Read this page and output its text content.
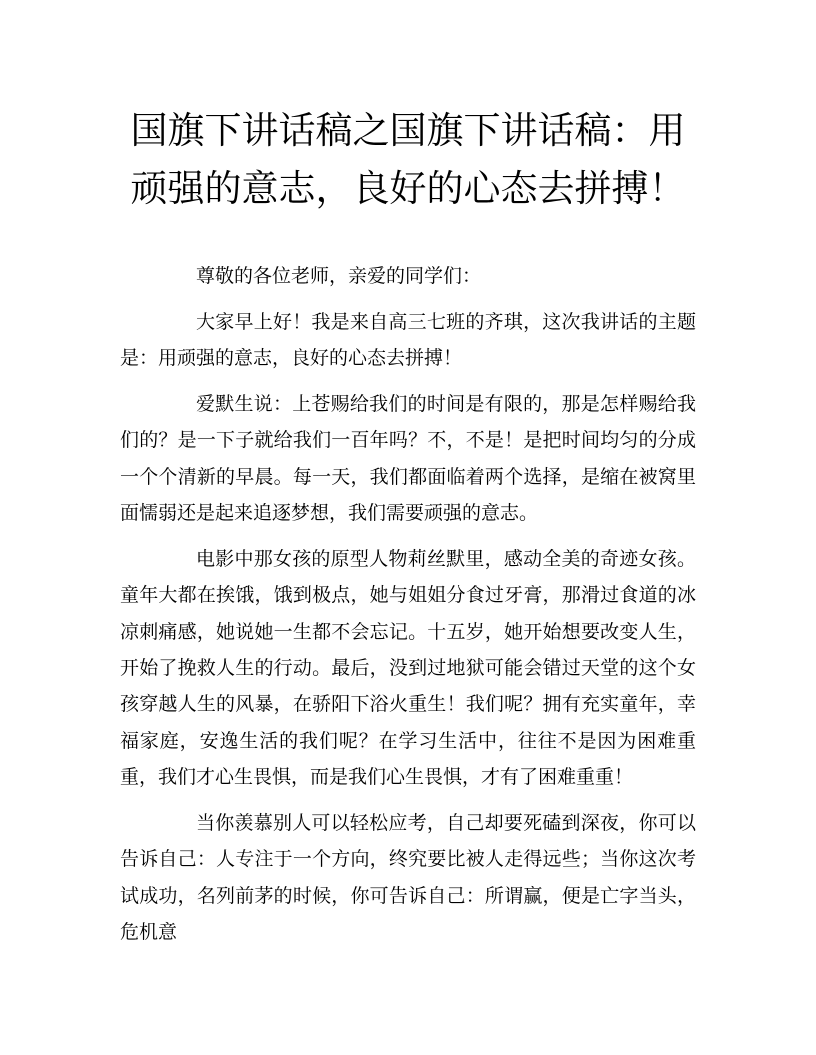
国旗下讲话稿之国旗下讲话稿：用顽强的意志，良好的心态去拼搏！

尊敬的各位老师，亲爱的同学们：

大家早上好！我是来自高三七班的齐琪，这次我讲话的主题是：用顽强的意志，良好的心态去拼搏！

爱默生说：上苍赐给我们的时间是有限的，那是怎样赐给我们的？是一下子就给我们一百年吗？不，不是！是把时间均匀的分成一个个清新的早晨。每一天，我们都面临着两个选择，是缩在被窝里面懦弱还是起来追逐梦想，我们需要顽强的意志。

电影中那女孩的原型人物莉丝默里，感动全美的奇迹女孩。童年大都在挨饿，饿到极点，她与姐姐分食过牙膏，那滑过食道的冰凉刺痛感，她说她一生都不会忘记。十五岁，她开始想要改变人生，开始了挽救人生的行动。最后，没到过地狱可能会错过天堂的这个女孩穿越人生的风暴，在骄阳下浴火重生！我们呢？拥有充实童年，幸福家庭，安逸生活的我们呢？在学习生活中，往往不是因为困难重重，我们才心生畏惧，而是我们心生畏惧，才有了困难重重！

当你羡慕别人可以轻松应考，自己却要死磕到深夜，你可以告诉自己：人专注于一个方向，终究要比被人走得远些；当你这次考试成功，名列前茅的时候，你可告诉自己：所谓赢，便是亡字当头，危机意
